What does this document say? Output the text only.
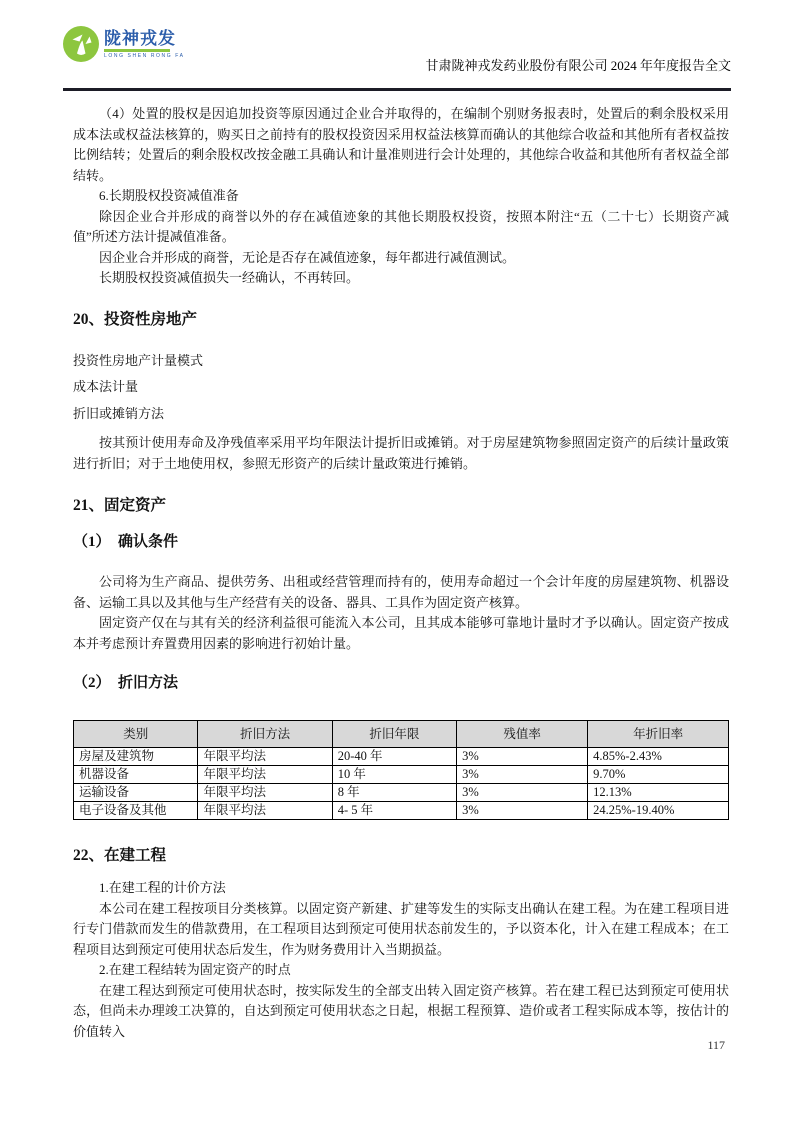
陇神戎发
LONG SHEN RONG FA
甘肃陇神戎发药业股份有限公司 2024 年年度报告全文

（4）处置的股权是因追加投资等原因通过企业合并取得的，在编制个别财务报表时，处置后的剩余股权采用成本法或权益法核算的，购买日之前持有的股权投资因采用权益法核算而确认的其他综合收益和其他所有者权益按比例结转；处置后的剩余股权改按金融工具确认和计量准则进行会计处理的，其他综合收益和其他所有者权益全部结转。

6.长期股权投资减值准备

除因企业合并形成的商誉以外的存在减值迹象的其他长期股权投资，按照本附注“五（二十七）长期资产减值”所述方法计提减值准备。

因企业合并形成的商誉，无论是否存在减值迹象，每年都进行减值测试。

长期股权投资减值损失一经确认，不再转回。

20、投资性房地产

投资性房地产计量模式

成本法计量

折旧或摊销方法

按其预计使用寿命及净残值率采用平均年限法计提折旧或摊销。对于房屋建筑物参照固定资产的后续计量政策进行折旧；对于土地使用权，参照无形资产的后续计量政策进行摊销。

21、固定资产

（1）　确认条件

公司将为生产商品、提供劳务、出租或经营管理而持有的，使用寿命超过一个会计年度的房屋建筑物、机器设备、运输工具以及其他与生产经营有关的设备、器具、工具作为固定资产核算。

固定资产仅在与其有关的经济利益很可能流入本公司，且其成本能够可靠地计量时才予以确认。固定资产按成本并考虑预计弃置费用因素的影响进行初始计量。

（2）　折旧方法

类别	折旧方法	折旧年限	残值率	年折旧率
房屋及建筑物	年限平均法	20-40 年	3%	4.85%-2.43%
机器设备	年限平均法	10 年	3%	9.70%
运输设备	年限平均法	8 年	3%	12.13%
电子设备及其他	年限平均法	4- 5 年	3%	24.25%-19.40%

22、在建工程

1.在建工程的计价方法

本公司在建工程按项目分类核算。以固定资产新建、扩建等发生的实际支出确认在建工程。为在建工程项目进行专门借款而发生的借款费用，在工程项目达到预定可使用状态前发生的，予以资本化，计入在建工程成本；在工程项目达到预定可使用状态后发生，作为财务费用计入当期损益。

2.在建工程结转为固定资产的时点

在建工程达到预定可使用状态时，按实际发生的全部支出转入固定资产核算。若在建工程已达到预定可使用状态，但尚未办理竣工决算的，自达到预定可使用状态之日起，根据工程预算、造价或者工程实际成本等，按估计的价值转入

117
